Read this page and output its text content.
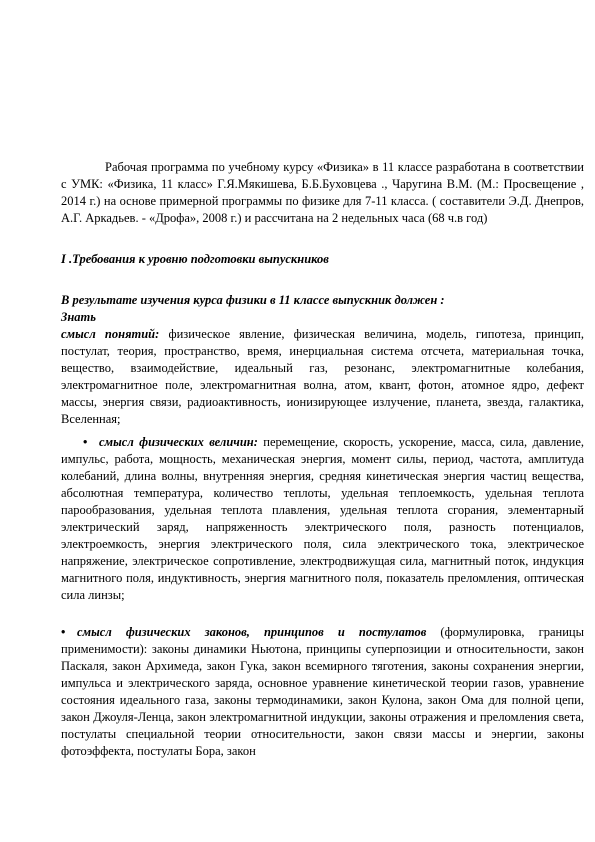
Рабочая программа по учебному курсу «Физика» в 11 классе разработана в соответствии с УМК: «Физика, 11 класс» Г.Я.Мякишева, Б.Б.Буховцева ., Чаругина В.М. (М.: Просвещение , 2014 г.) на основе примерной программы по физике для 7-11 класса. ( составители Э.Д. Днепров, А.Г. Аркадьев. - «Дрофа», 2008 г.) и рассчитана на 2 недельных часа (68 ч.в год)
I .Требования к уровню подготовки выпускников
В результате изучения курса физики в 11 классе выпускник должен :
Знать
смысл понятий: физическое явление, физическая величина, модель, гипотеза, принцип, постулат, теория, пространство, время, инерциальная система отсчета, материальная точка, вещество, взаимодействие, идеальный газ, резонанс, электромагнитные колебания, электромагнитное поле, электромагнитная волна, атом, квант, фотон, атомное ядро, дефект массы, энергия связи, радиоактивность, ионизирующее излучение, планета, звезда, галактика, Вселенная;
• смысл физических величин: перемещение, скорость, ускорение, масса, сила, давление, импульс, работа, мощность, механическая энергия, момент силы, период, частота, амплитуда колебаний, длина волны, внутренняя энергия, средняя кинетическая энергия частиц вещества, абсолютная температура, количество теплоты, удельная теплоемкость, удельная теплота парообразования, удельная теплота плавления, удельная теплота сгорания, элементарный электрический заряд, напряженность электрического поля, разность потенциалов, электроемкость, энергия электрического поля, сила электрического тока, электрическое напряжение, электрическое сопротивление, электродвижущая сила, магнитный поток, индукция магнитного поля, индуктивность, энергия магнитного поля, показатель преломления, оптическая сила линзы;
• смысл физических законов, принципов и постулатов (формулировка, границы применимости): законы динамики Ньютона, принципы суперпозиции и относительности, закон Паскаля, закон Архимеда, закон Гука, закон всемирного тяготения, законы сохранения энергии, импульса и электрического заряда, основное уравнение кинетической теории газов, уравнение состояния идеального газа, законы термодинамики, закон Кулона, закон Ома для полной цепи, закон Джоуля-Ленца, закон электромагнитной индукции, законы отражения и преломления света, постулаты специальной теории относительности, закон связи массы и энергии, законы фотоэффекта, постулаты Бора, закон
